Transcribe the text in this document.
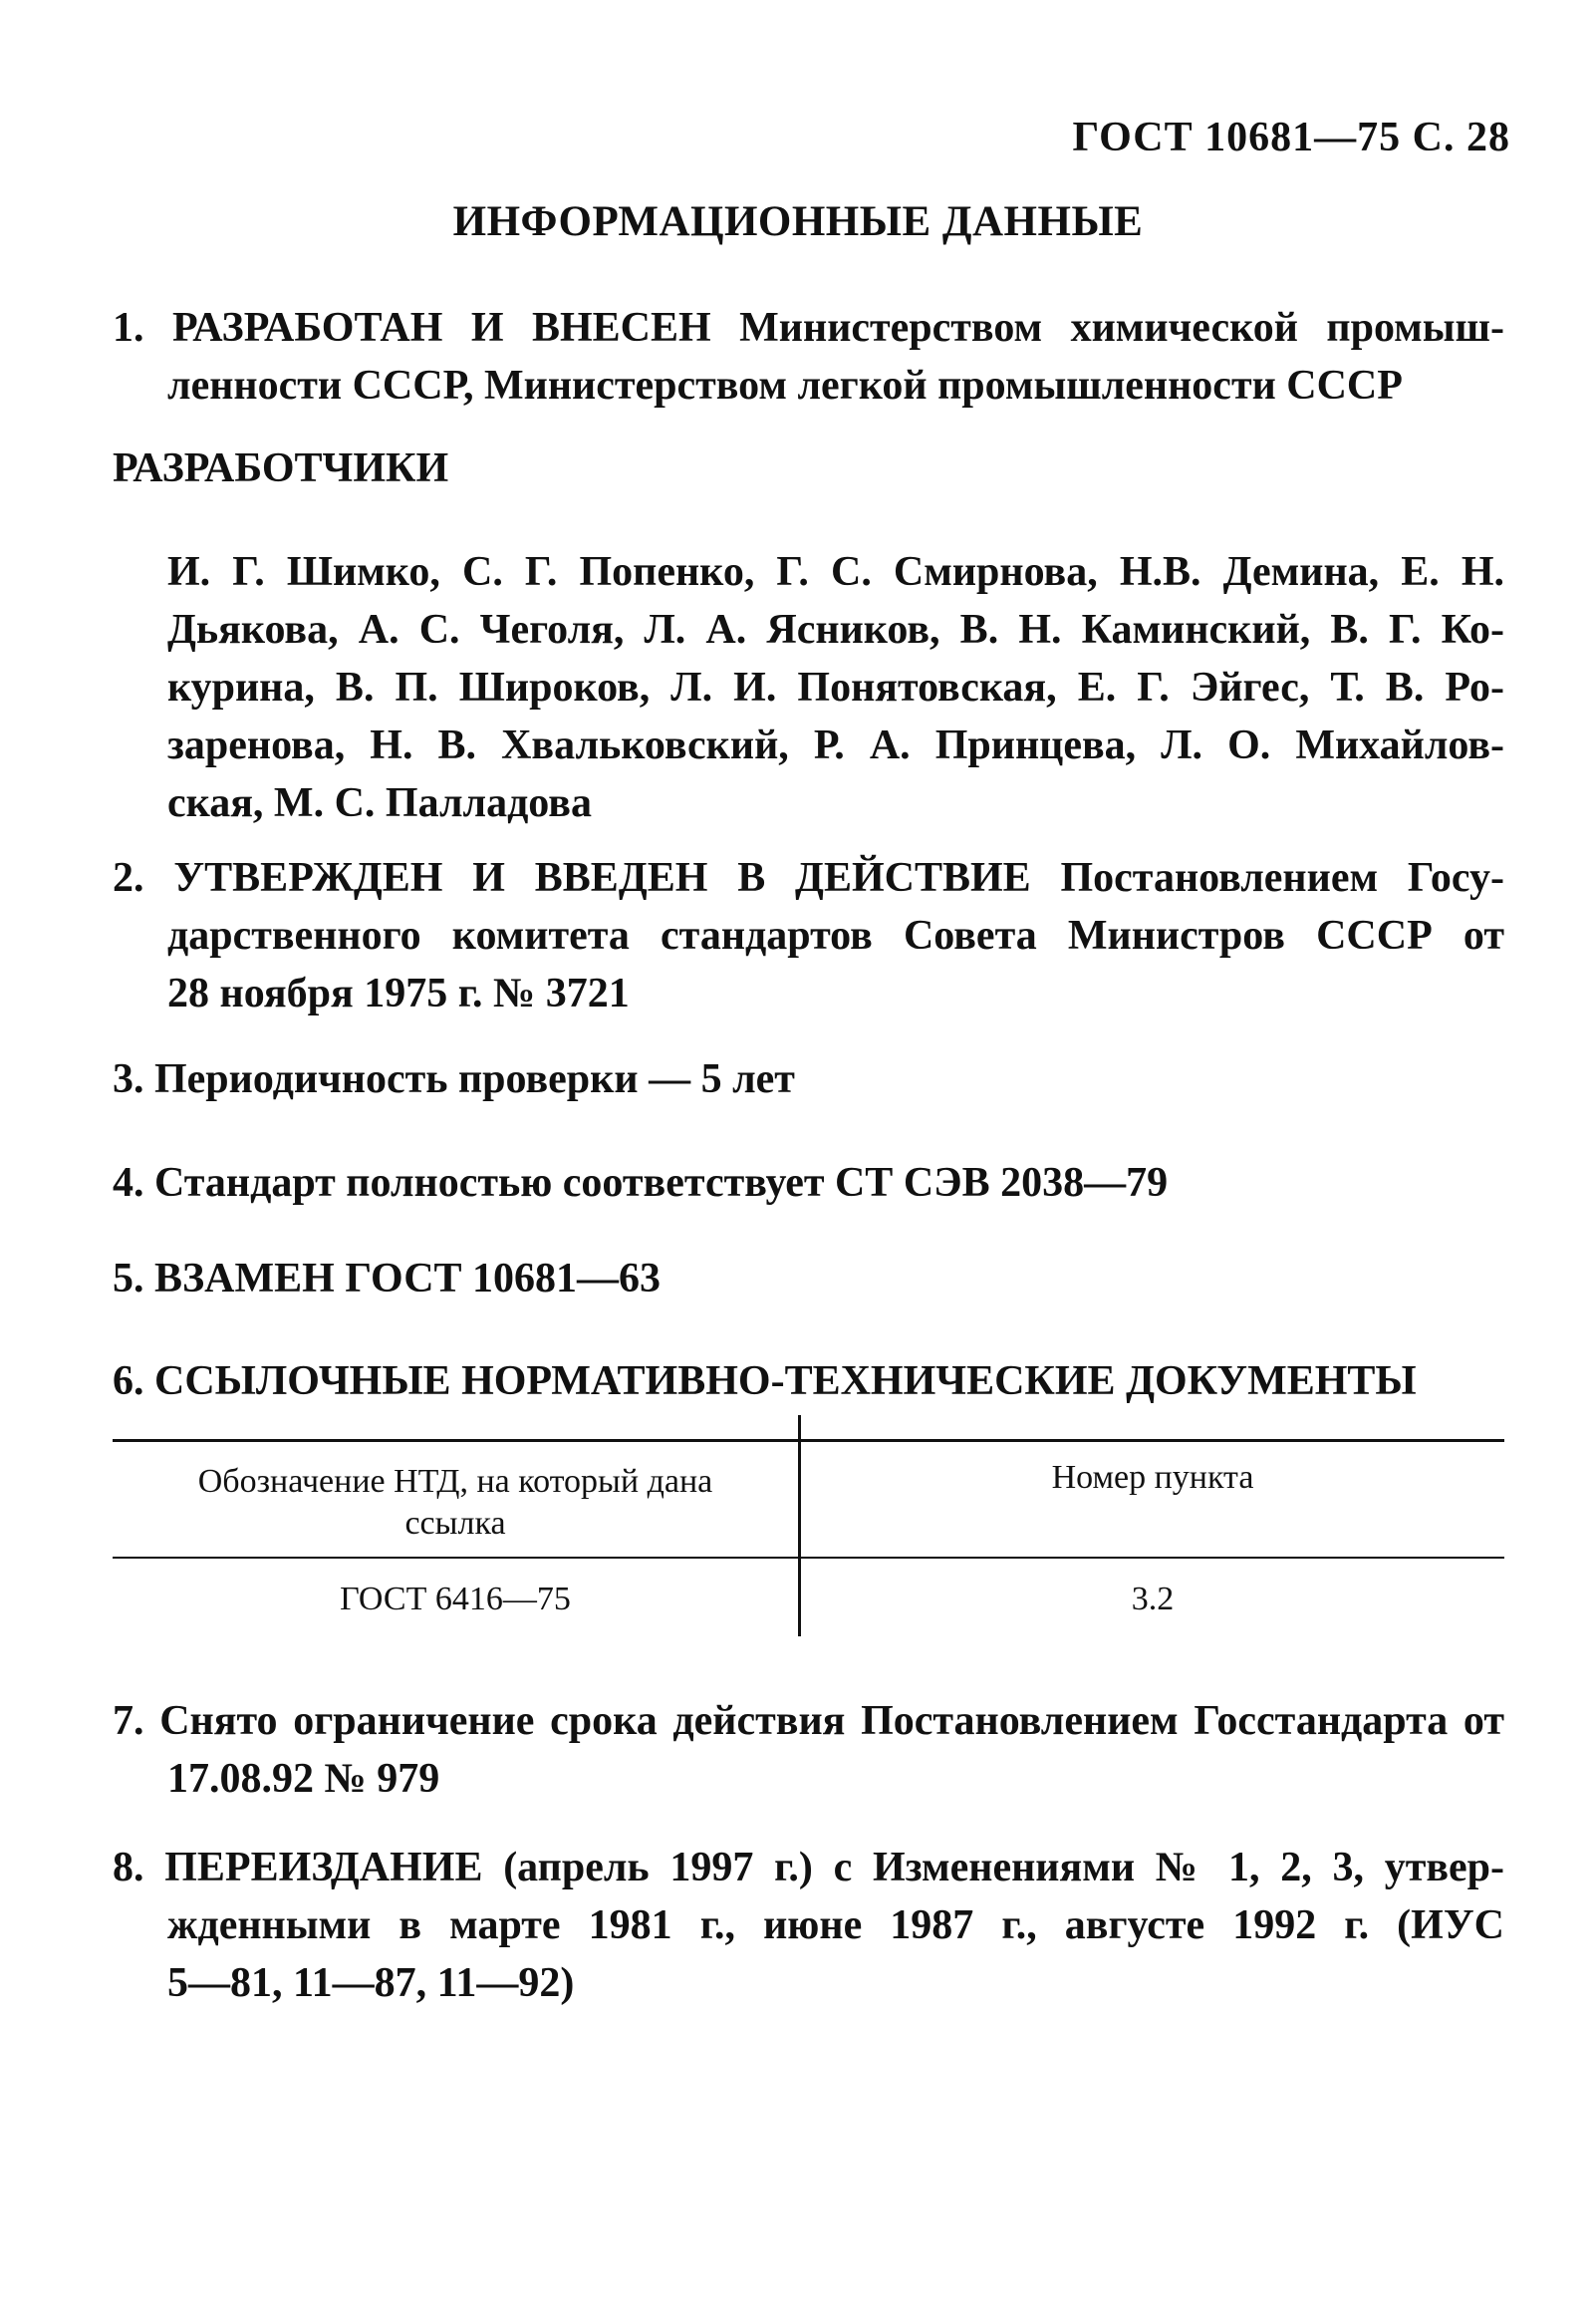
ГОСТ 10681—75 С. 28
ИНФОРМАЦИОННЫЕ ДАННЫЕ
1. РАЗРАБОТАН И ВНЕСЕН Министерством химической промыш-
ленности СССР, Министерством легкой промышленности СССР
РАЗРАБОТЧИКИ
И. Г. Шимко, С. Г. Попенко, Г. С. Смирнова, Н.В. Демина, Е. Н.
Дьякова, А. С. Чеголя, Л. А. Ясников, В. Н. Каминский, В. Г. Ко-
курина, В. П. Широков, Л. И. Понятовская, Е. Г. Эйгес, Т. В. Ро-
заренова, Н. В. Хвальковский, Р. А. Принцева, Л. О. Михайлов-
ская, М. С. Палладова
2. УТВЕРЖДЕН И ВВЕДЕН В ДЕЙСТВИЕ Постановлением Госу-
дарственного комитета стандартов Совета Министров СССР от
28 ноября 1975 г. № 3721
3. Периодичность проверки — 5 лет
4. Стандарт полностью соответствует СТ СЭВ 2038—79
5. ВЗАМЕН ГОСТ 10681—63
6. ССЫЛОЧНЫЕ НОРМАТИВНО-ТЕХНИЧЕСКИЕ ДОКУМЕНТЫ
Обозначение НТД, на который дана
ссылка
Номер пункта
ГОСТ 6416—75	3.2
7. Снято ограничение срока действия Постановлением Госстандарта от
17.08.92 № 979
8. ПЕРЕИЗДАНИЕ (апрель 1997 г.) с Изменениями № 1, 2, 3, утвер-
жденными в марте 1981 г., июне 1987 г., августе 1992 г. (ИУС
5—81, 11—87, 11—92)
